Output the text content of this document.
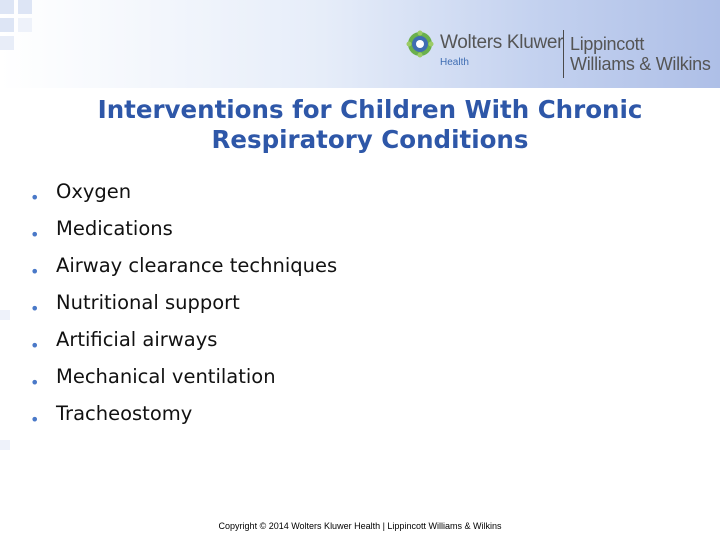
Wolters Kluwer
Health
Lippincott
Williams & Wilkins
Interventions for Children With Chronic
Respiratory Conditions
• Oxygen
• Medications
• Airway clearance techniques
• Nutritional support
• Artificial airways
• Mechanical ventilation
• Tracheostomy
Copyright © 2014 Wolters Kluwer Health | Lippincott Williams & Wilkins
